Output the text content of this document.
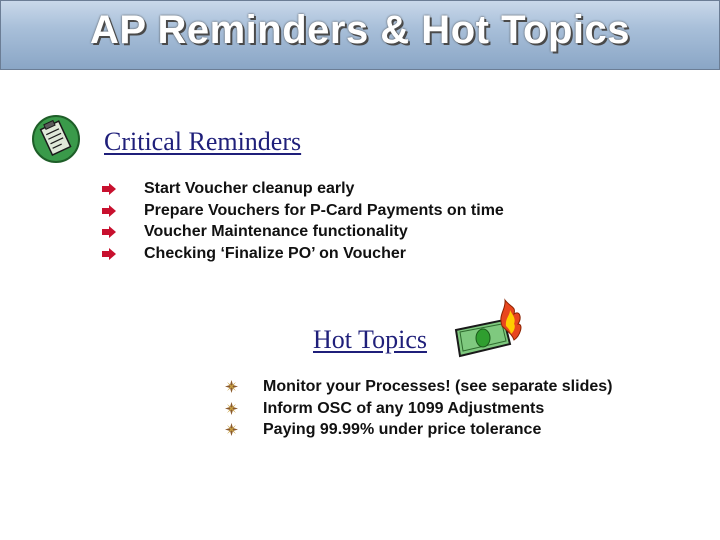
AP Reminders & Hot Topics
Critical Reminders
Start Voucher cleanup early
Prepare Vouchers for P-Card Payments on time
Voucher Maintenance functionality
Checking ‘Finalize PO’ on Voucher
Hot Topics
Monitor your Processes! (see separate slides)
Inform OSC of any 1099 Adjustments
Paying 99.99% under price tolerance
